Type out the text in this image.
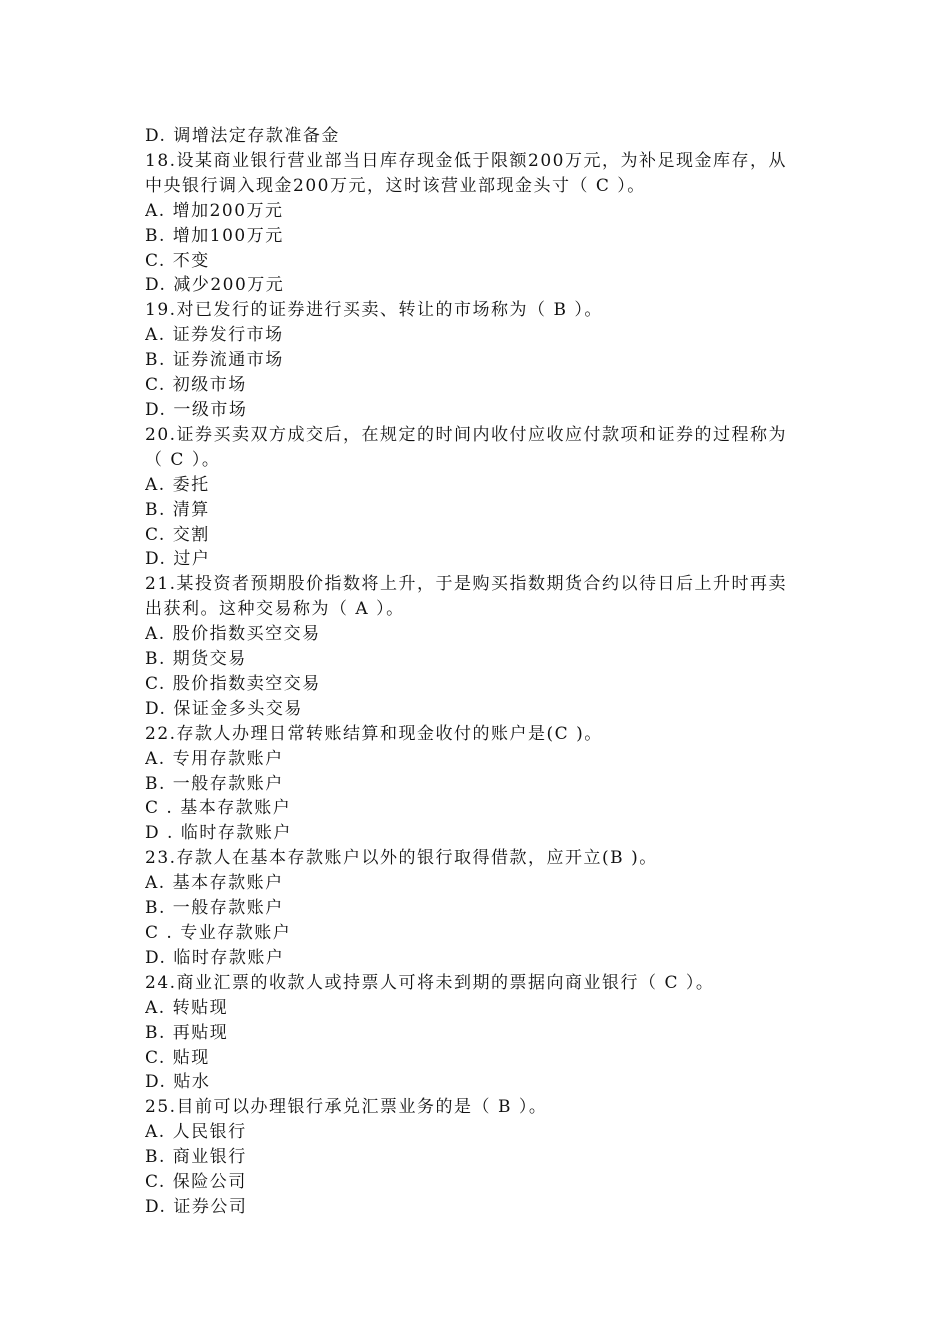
D. 调增法定存款准备金
18.设某商业银行营业部当日库存现金低于限额200万元，为补足现金库存，从
中央银行调入现金200万元，这时该营业部现金头寸（ C ）。
A. 增加200万元
B. 增加100万元
C. 不变
D. 减少200万元
19.对已发行的证券进行买卖、转让的市场称为（ B ）。
A. 证券发行市场
B. 证券流通市场
C. 初级市场
D. 一级市场
20.证券买卖双方成交后，在规定的时间内收付应收应付款项和证券的过程称为
（ C ）。
A. 委托
B. 清算
C. 交割
D. 过户
21.某投资者预期股价指数将上升，于是购买指数期货合约以待日后上升时再卖
出获利。这种交易称为（ A ）。
A. 股价指数买空交易
B. 期货交易
C. 股价指数卖空交易
D. 保证金多头交易
22.存款人办理日常转账结算和现金收付的账户是(C )。
A. 专用存款账户
B. 一般存款账户
C . 基本存款账户
D . 临时存款账户
23.存款人在基本存款账户以外的银行取得借款，应开立(B )。
A. 基本存款账户
B. 一般存款账户
C . 专业存款账户
D. 临时存款账户
24.商业汇票的收款人或持票人可将未到期的票据向商业银行（ C ）。
A. 转贴现
B. 再贴现
C. 贴现
D. 贴水
25.目前可以办理银行承兑汇票业务的是（ B ）。
A. 人民银行
B. 商业银行
C. 保险公司
D. 证券公司
